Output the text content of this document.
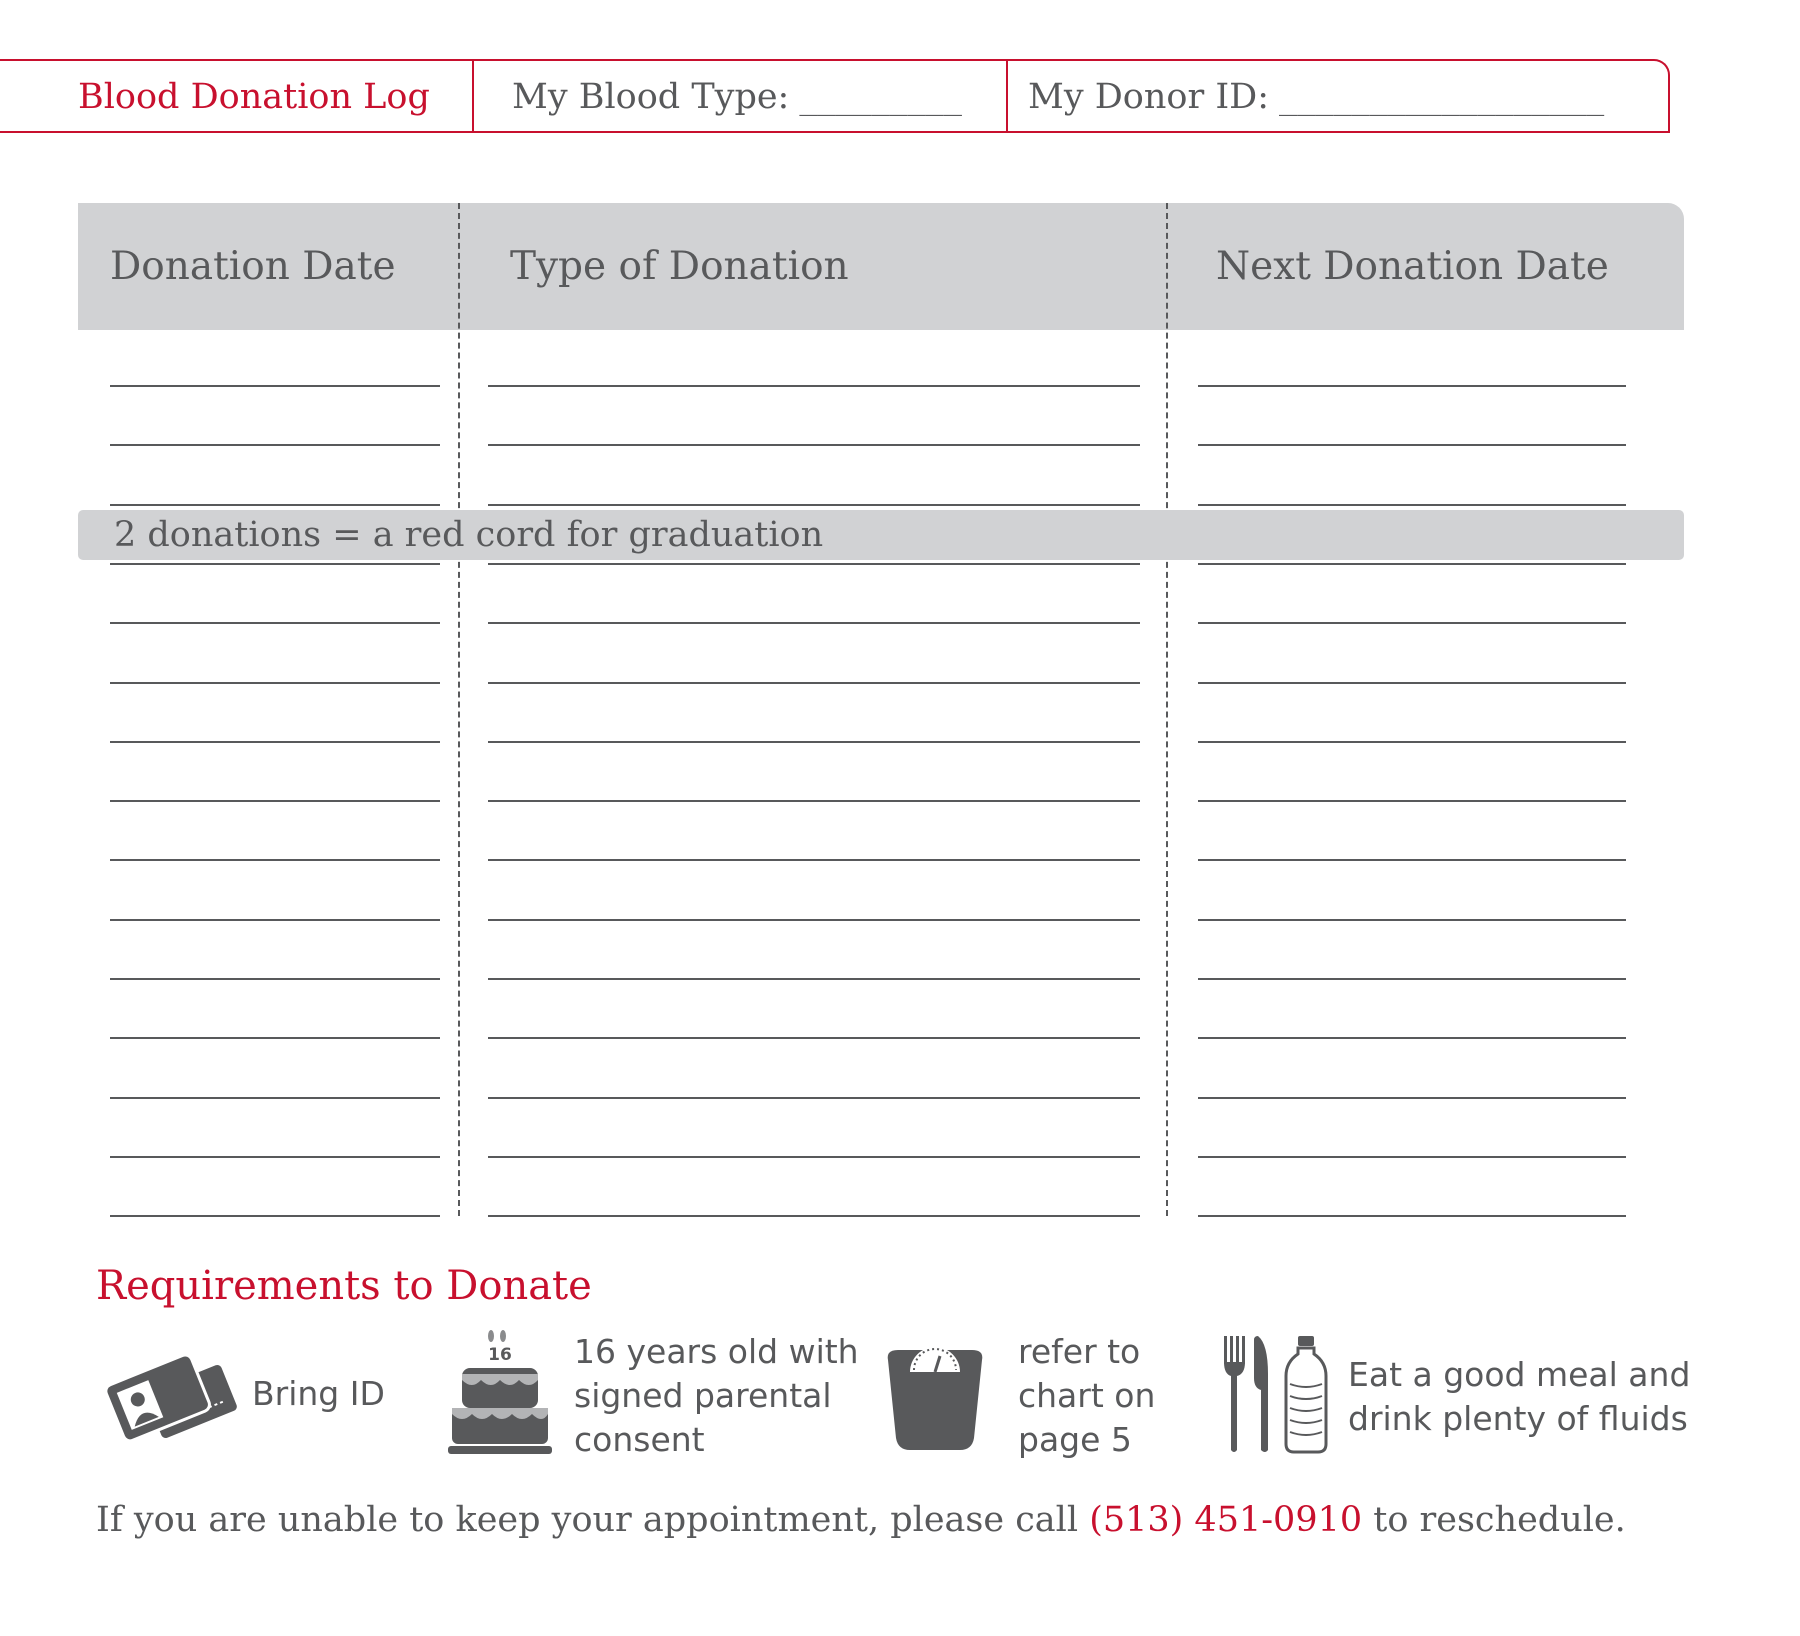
Blood Donation Log My Blood Type: _________ My Donor ID: __________________
Donation Date	Type of Donation	Next Donation Date
2 donations = a red cord for graduation
Requirements to Donate
Bring ID
16 16 years old with
signed parental
consent
refer to
chart on
page 5
Eat a good meal and
drink plenty of fluids
If you are unable to keep your appointment, please call (513) 451-0910 to reschedule.
